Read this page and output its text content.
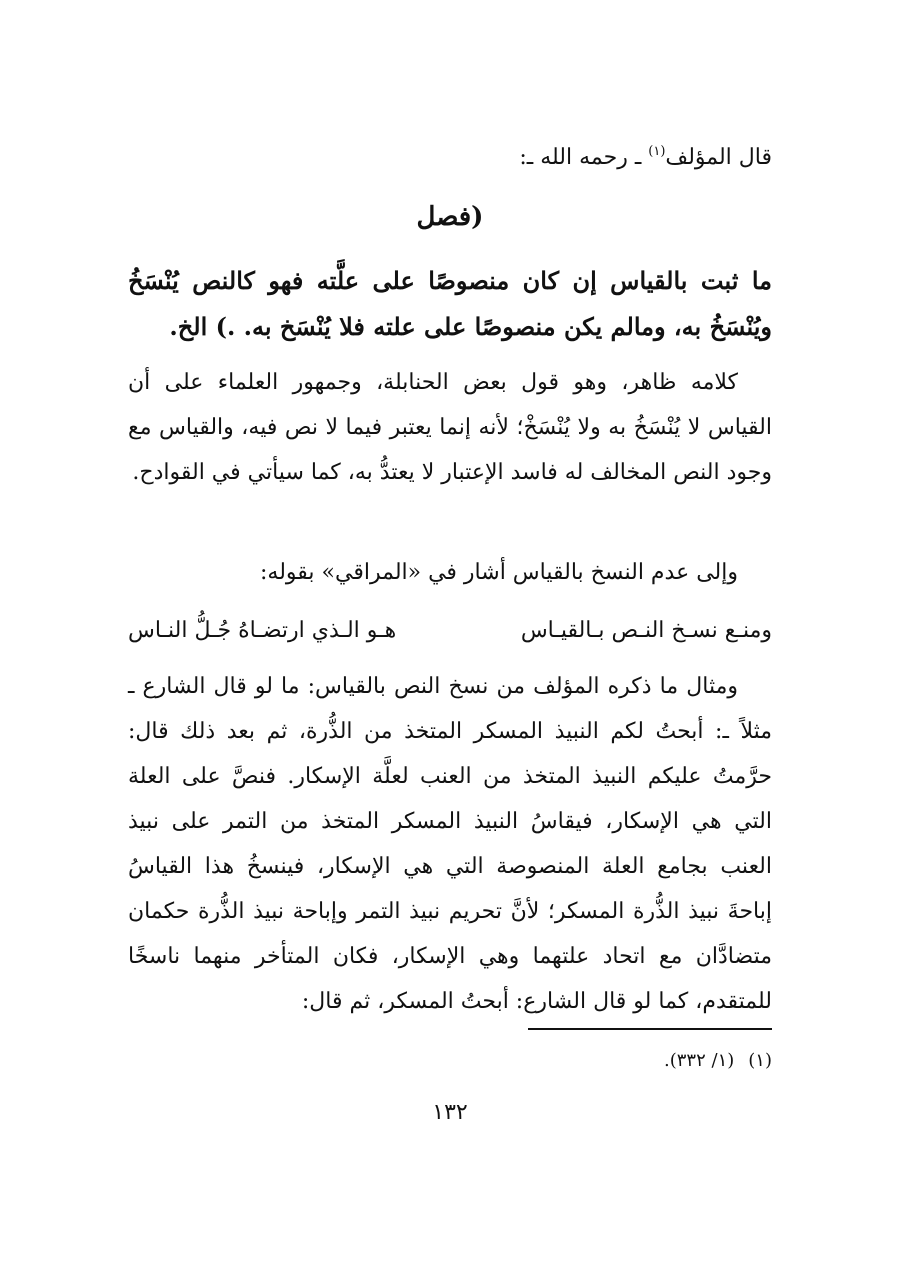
قال المؤلف$^{(١)}$ ـ رحمه الله ـ:
(فصل
ما ثبت بالقياس إن كان منصوصًا على علَّته فهو كالنص يُنْسَخُ ويُنْسَخُ به، ومالم يكن منصوصًا على علته فلا يُنْسَخ به. .) الخ.
كلامه ظاهر، وهو قول بعض الحنابلة، وجمهور العلماء على أن القياس لا يُنْسَخُ به ولا يُنْسَخْ؛ لأنه إنما يعتبر فيما لا نص فيه، والقياس مع وجود النص المخالف له فاسد الإعتبار لا يعتدُّ به، كما سيأتي في القوادح.
وإلى عدم النسخ بالقياس أشار في «المراقي» بقوله:
ومنـع نسـخ النـص بـالقيـاس
هـو الـذي ارتضـاهُ جُـلُّ النـاس
ومثال ما ذكره المؤلف من نسخ النص بالقياس: ما لو قال الشارع ـ مثلاً ـ: أبحتُ لكم النبيذ المسكر المتخذ من الذُّرة، ثم بعد ذلك قال: حرَّمتُ عليكم النبيذ المتخذ من العنب لعلَّة الإسكار. فنصَّ على العلة التي هي الإسكار، فيقاسُ النبيذ المسكر المتخذ من التمر على نبيذ العنب بجامع العلة المنصوصة التي هي الإسكار، فينسخُ هذا القياسُ إباحةَ نبيذ الذُّرة المسكر؛ لأنَّ تحريم نبيذ التمر وإباحة نبيذ الذُّرة حكمان متضادَّان مع اتحاد علتهما وهي الإسكار، فكان المتأخر منهما ناسخًا للمتقدم، كما لو قال الشارع: أبحتُ المسكر، ثم قال:
(١)(١/ ٣٣٢).
١٣٢
